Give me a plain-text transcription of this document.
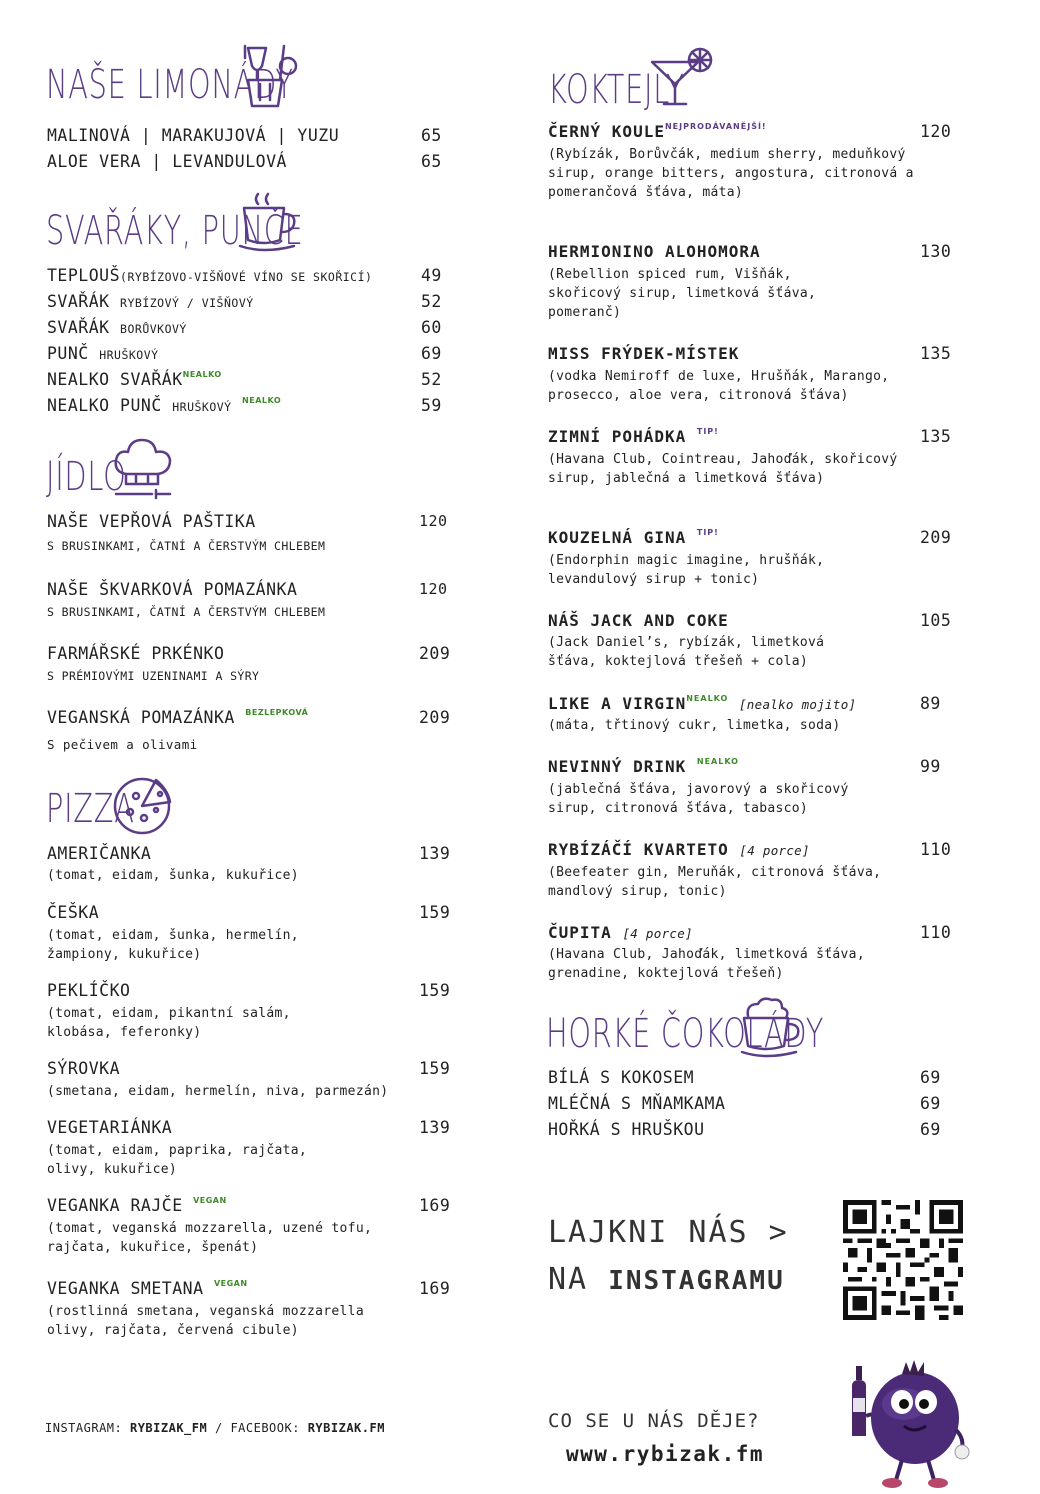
NAŠE LIMONÁDY
MALINOVÁ | MARAKUJOVÁ | YUZU	65
ALOE VERA | LEVANDULOVÁ	65
SVAŘÁKY, PUNČE
TEPLOUŠ(RYBÍZOVO-VIŠŇOVÉ VÍNO SE SKOŘICÍ)	49
SVAŘÁK RYBÍZOVÝ / VIŠŇOVÝ	52
SVAŘÁK BORŮVKOVÝ	60
PUNČ HRUŠKOVÝ	69
NEALKO $SVAŘÁK^{NEALKO}$	52
NEALKO PUNČ HRUŠKOVÝ $^{NEALKO}$	59
JÍDLO
NAŠE VEPŘOVÁ PAŠTIKA	120
S BRUSINKAMI, ČATNÍ A ČERSTVÝM CHLEBEM
NAŠE ŠKVARKOVÁ POMAZÁNKA	120
S BRUSINKAMI, ČATNÍ A ČERSTVÝM CHLEBEM
FARMÁŘSKÉ PRKÉNKO	209
S PRÉMIOVÝMI UZENINAMI A SÝRY
VEGANSKÁ POMAZÁNKA $^{BEZLEPKOVÁ}$	209
S pečivem a olivami
PIZZA
AMERIČANKA	139
(tomat, eidam, šunka, kukuřice)
ČEŠKA	159
(tomat, eidam, šunka, hermelín, žampiony, kukuřice)
PEKLÍČKO	159
(tomat, eidam, pikantní salám, klobása, feferonky)
SÝROVKA	159
(smetana, eidam, hermelín, niva, parmezán)
VEGETARIÁNKA	139
(tomat, eidam, paprika, rajčata, olivy, kukuřice)
VEGANKA RAJČE $^{VEGAN}$	169
(tomat, veganská mozzarella, uzené tofu, rajčata, kukuřice, špenát)
VEGANKA SMETANA $^{VEGAN}$	169
(rostlinná smetana, veganská mozzarella olivy, rajčata, červená cibule)
INSTAGRAM: RYBIZAK_FM / FACEBOOK: RYBIZAK.FM
KOKTEJLY
ČERNÝ $KOULE^{NEJPRODÁVANĚJŠÍ!}$	120
(Rybízák, Borůvčák, medium sherry, meduňkový sirup, orange bitters, angostura, citronová a pomerančová šťáva, máta)
HERMIONINO ALOHOMORA	130
(Rebellion spiced rum, Višňák, skořicový sirup, limetková šťáva, pomeranč)
MISS FRÝDEK-MÍSTEK	135
(vodka Nemiroff de luxe, Hrušňák, Marango, prosecco, aloe vera, citronová šťáva)
ZIMNÍ POHÁDKA $^{TIP!}$	135
(Havana Club, Cointreau, Jahoďák, skořicový sirup, jablečná a limetková šťáva)
KOUZELNÁ GINA $^{TIP!}$	209
(Endorphin magic imagine, hrušňák, levandulový sirup + tonic)
NÁŠ JACK AND COKE	105
(Jack Daniel’s, rybízák, limetková šťáva, koktejlová třešeň + cola)
LIKE A $VIRGIN^{NEALKO}$ [nealko mojito]	89
(máta, třtinový cukr, limetka, soda)
NEVINNÝ DRINK $^{NEALKO}$	99
(jablečná šťáva, javorový a skořicový sirup, citronová šťáva, tabasco)
RYBÍZÁČÍ KVARTETO [4 porce]	110
(Beefeater gin, Meruňák, citronová šťáva, mandlový sirup, tonic)
ČUPITA [4 porce]	110
(Havana Club, Jahoďák, limetková šťáva, grenadine, koktejlová třešeň)
HORKÉ ČOKOLÁDY
BÍLÁ S KOKOSEM	69
MLÉČNÁ S MŇAMKAMA	69
HOŘKÁ S HRUŠKOU	69
LAJKNI NÁS >
NA INSTAGRAMU
CO SE U NÁS DĚJE?
www.rybizak.fm
